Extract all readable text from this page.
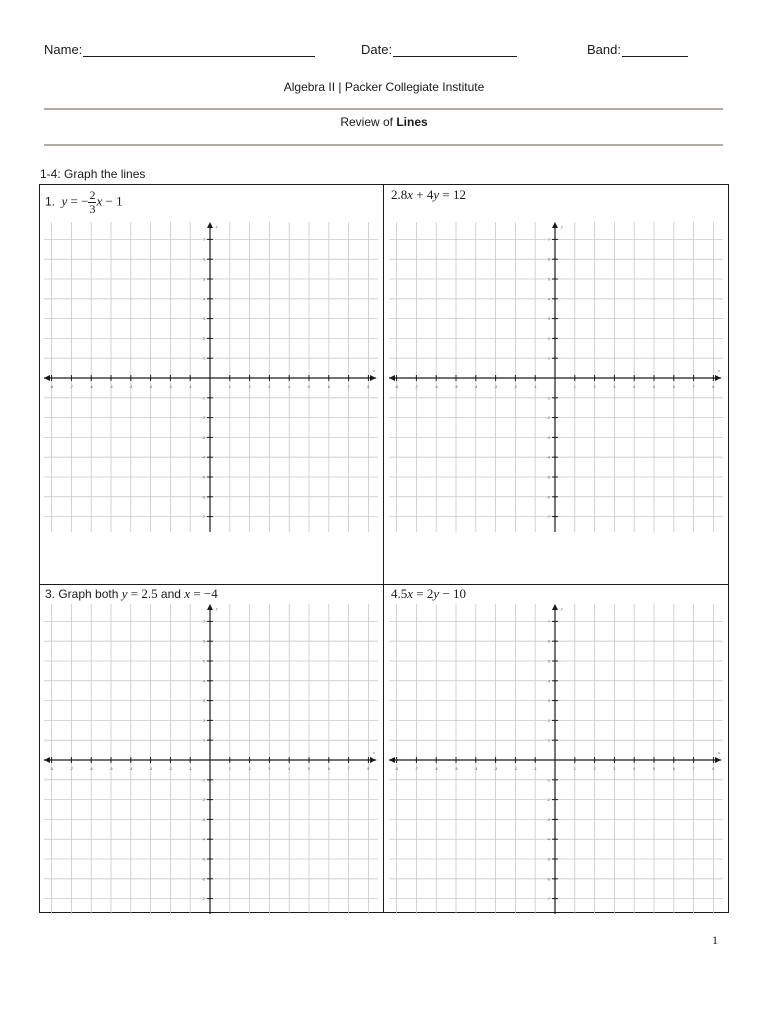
Name:	Date:	Band:
Algebra II | Packer Collegiate Institute
Review of Lines
1-4: Graph the lines
1. y = − $\frac{2}{3}$ x − 1	2.8x + 4y = 12
3. Graph both y = 2.5 and x = −4	4.5x = 2y − 10
-8	-7	-6	-5	-4	-3	-2	-1	1	2	3	4	5	6	7	8
-7
-6
-5
-4
-3
-2
-1
1
2
3
4
5
6
7
x
y
-8	-7	-6	-5	-4	-3	-2	-1	1	2	3	4	5	6	7	8
-7
-6
-5
-4
-3
-2
-1
1
2
3
4
5
6
7
x
y
-8	-7	-6	-5	-4	-3	-2	-1	1	2	3	4	5	6	7	8
-7
-6
-5
-4
-3
-2
-1
1
2
3
4
5
6
7
x
y
-8	-7	-6	-5	-4	-3	-2	-1	1	2	3	4	5	6	7	8
-7
-6
-5
-4
-3
-2
-1
1
2
3
4
5
6
7
x
y
1
